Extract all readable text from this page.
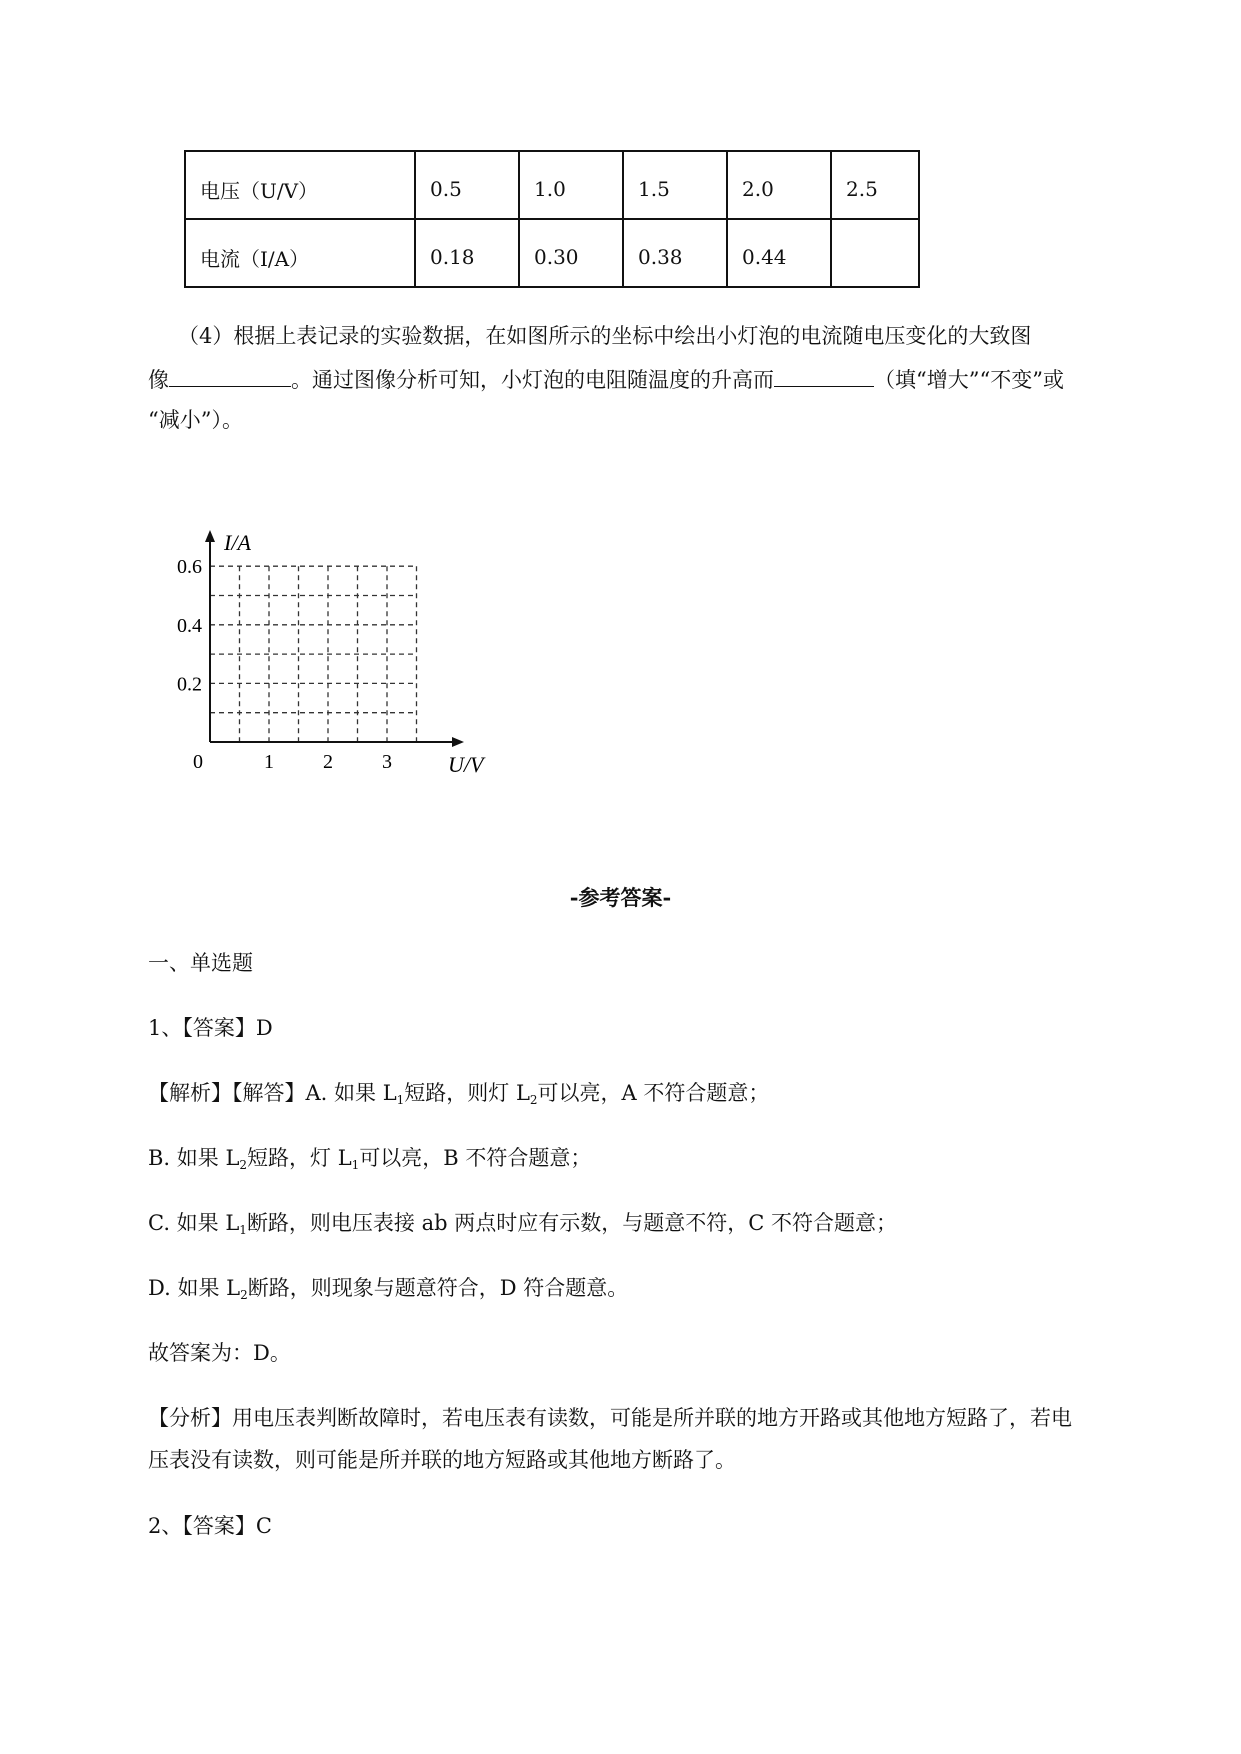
电压（U/V）	0.5	1.0	1.5	2.0	2.5
电流（I/A）	0.18	0.30	0.38	0.44	
（4）根据上表记录的实验数据，在如图所示的坐标中绘出小灯泡的电流随电压变化的大致图
像	。通过图像分析可知，小灯泡的电阻随温度的升高而	（填“增大”“不变”或
“减小”）。
I/A
U/V
0.2
0.4
0.6
0	1 2 3
-参考答案-
一、单选题
1、【答案】D
【解析】【解答】A. 如果 $L_1$短路，则灯 $L_2$可以亮，A 不符合题意；
B. 如果 $L_2$短路，灯 $L_1$可以亮，B 不符合题意；
C. 如果 $L_1$断路，则电压表接 ab 两点时应有示数，与题意不符，C 不符合题意；
D. 如果 $L_2$断路，则现象与题意符合，D 符合题意。
故答案为：D。
【分析】用电压表判断故障时，若电压表有读数，可能是所并联的地方开路或其他地方短路了，若电
压表没有读数，则可能是所并联的地方短路或其他地方断路了。
2、【答案】C
